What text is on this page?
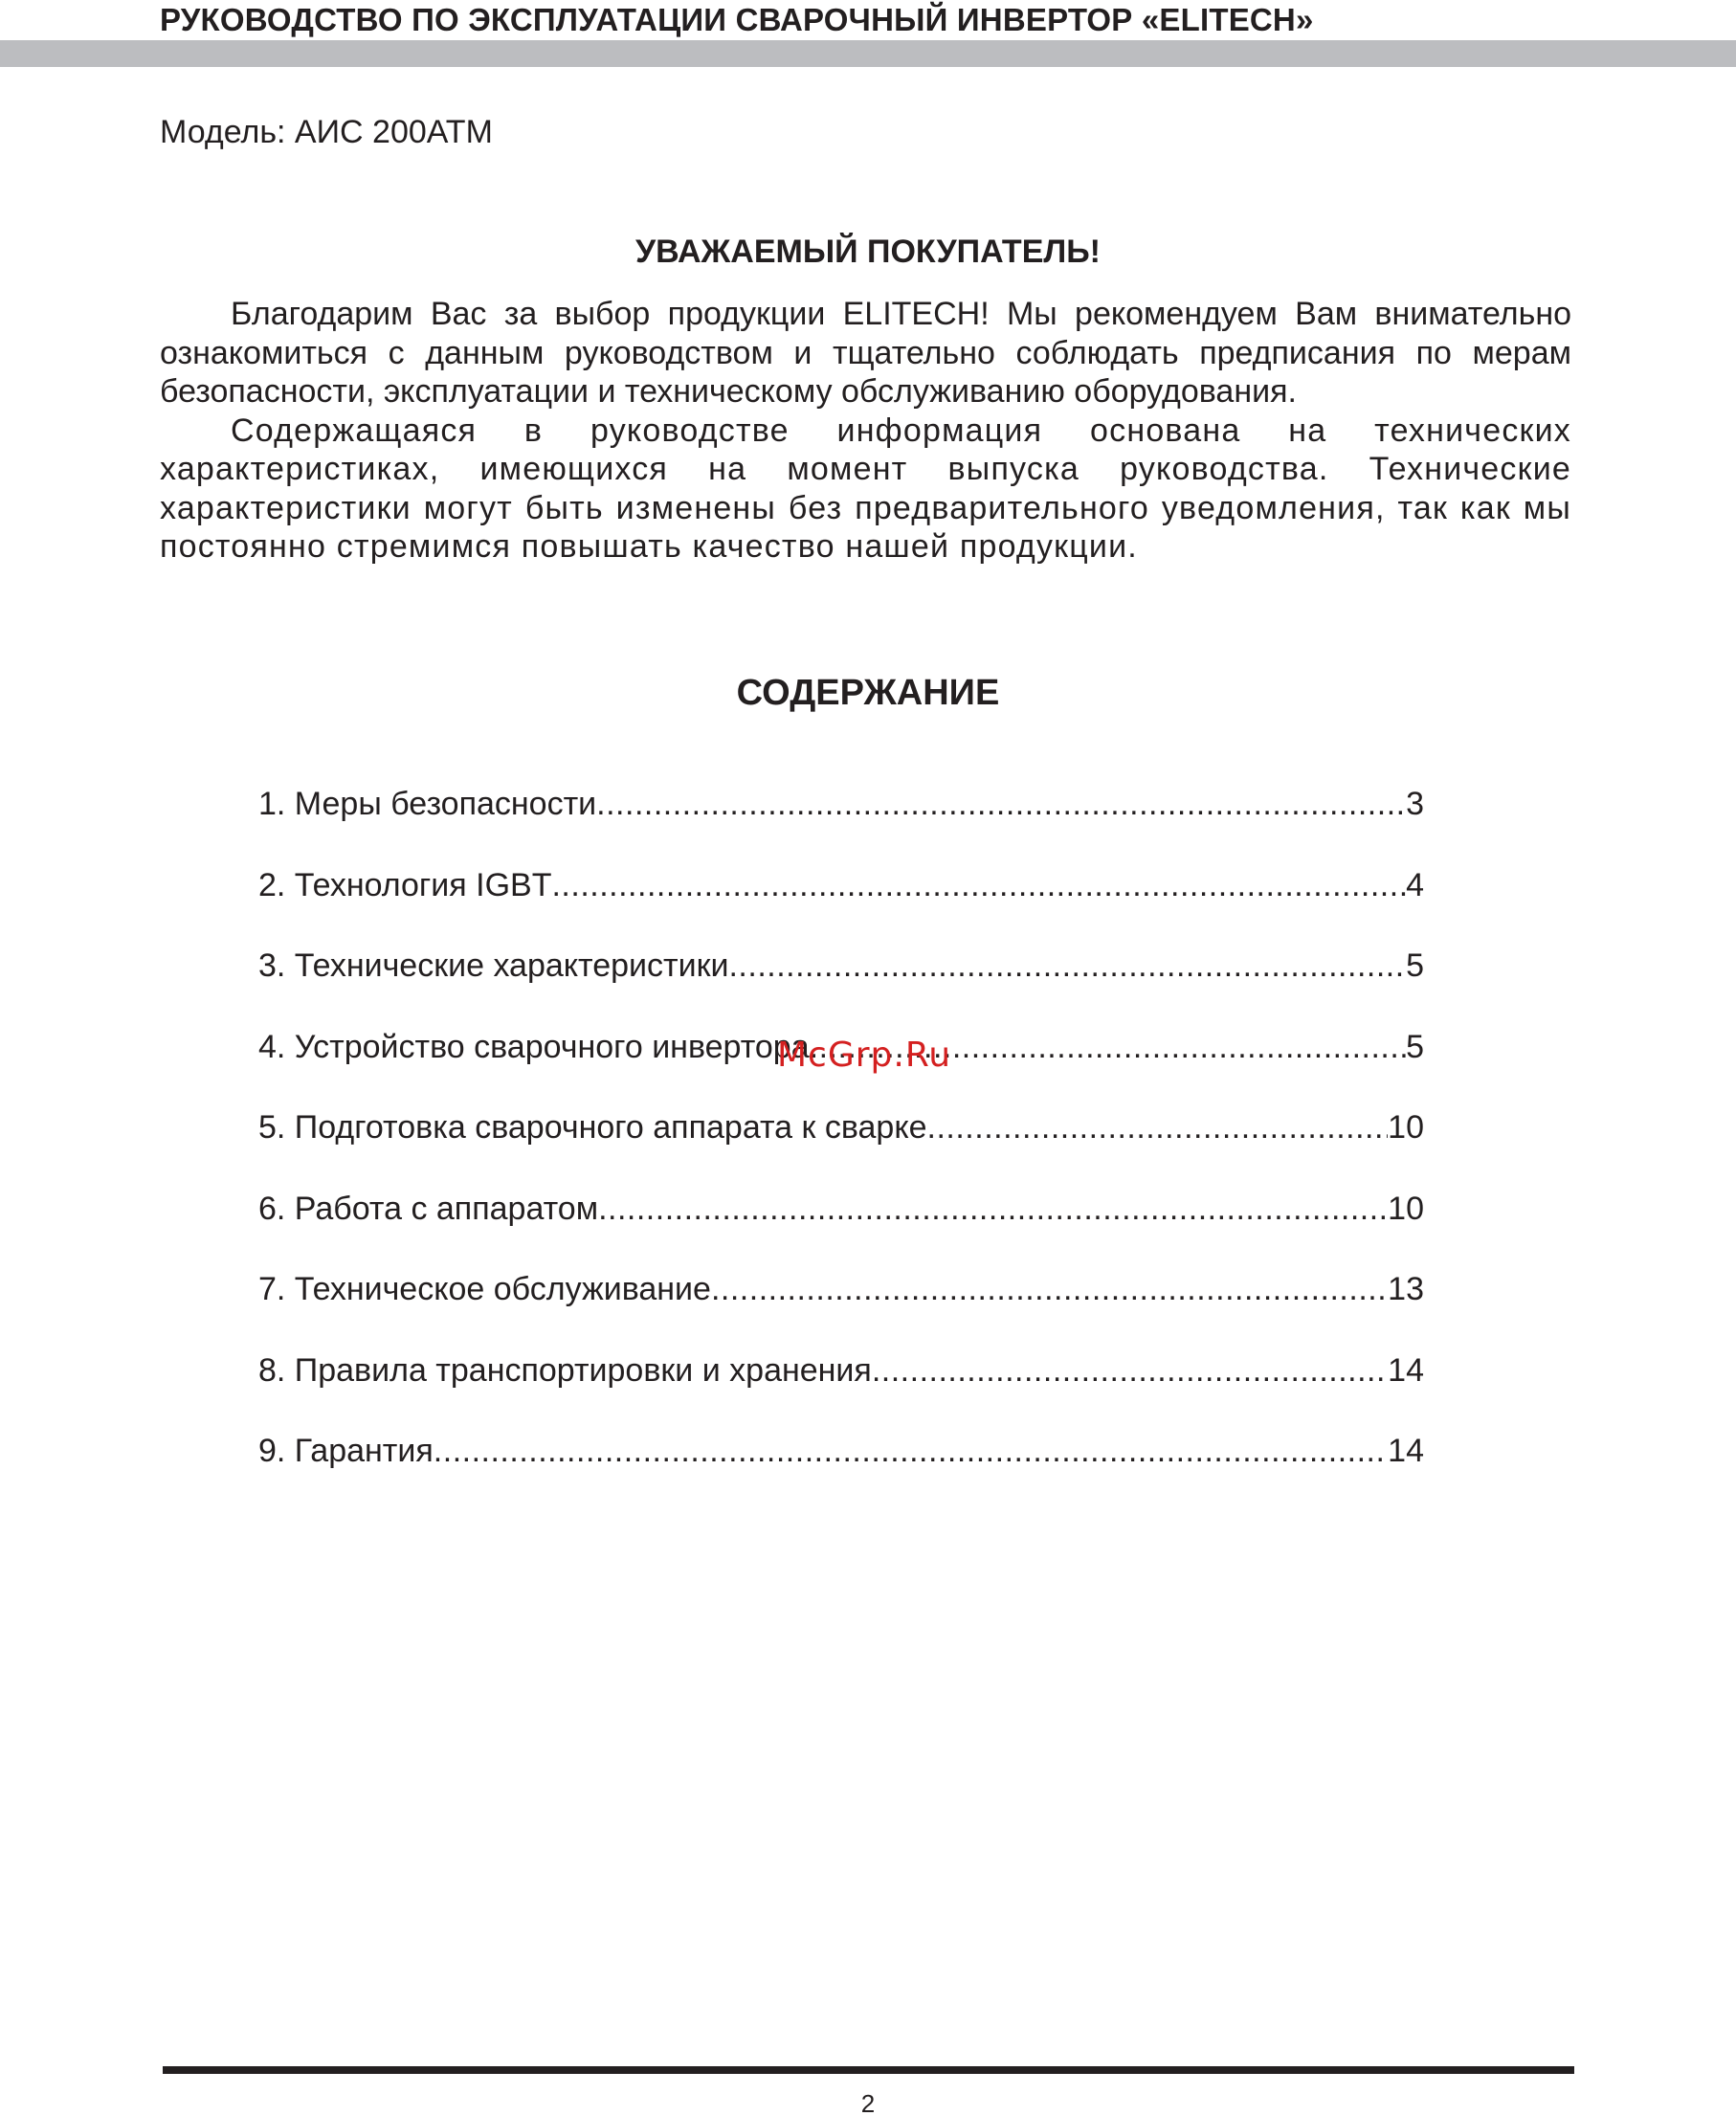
РУКОВОДСТВО ПО ЭКСПЛУАТАЦИИ СВАРОЧНЫЙ ИНВЕРТОР «ELITECH»
Модель: АИС 200АТМ
УВАЖАЕМЫЙ ПОКУПАТЕЛЬ!

Благодарим Вас за выбор продукции ELITECH! Мы рекомендуем Вам внимательно ознакомиться с данным руководством и тщательно соблюдать предписания по мерам безопасности, эксплуатации и техническому обслуживанию оборудования.

Содержащаяся в руководстве информация основана на технических характеристиках, имеющихся на момент выпуска руководства. Технические характеристики могут быть изменены без предварительного уведомления, так как мы постоянно стремимся повышать качество нашей продукции.

СОДЕРЖАНИЕ
1. Меры безопасности .....	3
2. Технология IGBT .....	4
3. Технические характеристики .....	5
4. Устройство сварочного инвертора .....	5
5. Подготовка сварочного аппарата к сварке .....	10
6. Работа с аппаратом .....	10
7. Техническое обслуживание .....	13
8. Правила транспортировки и хранения .....	14
9. Гарантия .....	14
McGrp.Ru
2
